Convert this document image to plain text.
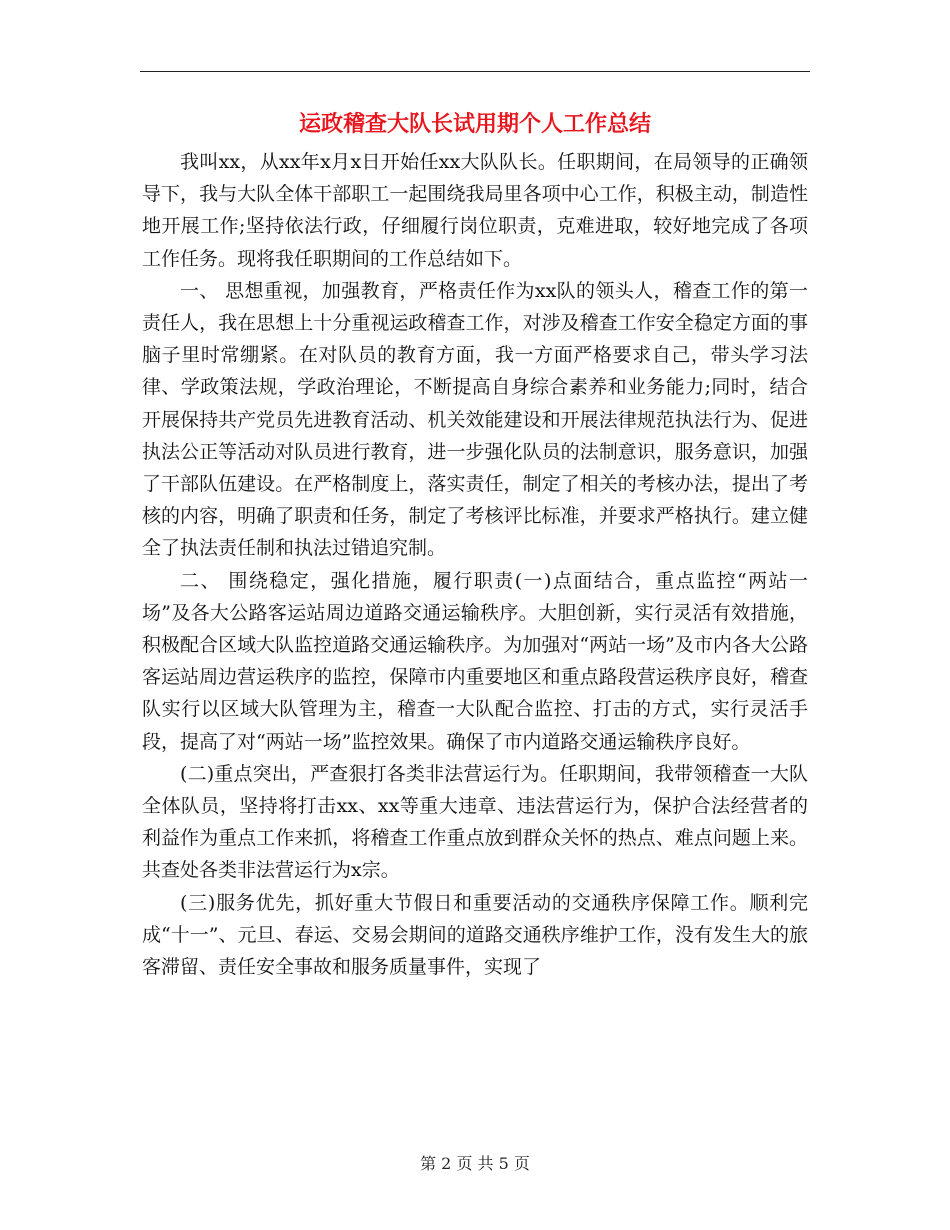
运政稽查大队长试用期个人工作总结

我叫xx，从xx年x月x日开始任xx大队队长。任职期间，在局领导的正确领导下，我与大队全体干部职工一起围绕我局里各项中心工作，积极主动，制造性地开展工作;坚持依法行政，仔细履行岗位职责，克难进取，较好地完成了各项工作任务。现将我任职期间的工作总结如下。

一、 思想重视，加强教育，严格责任作为xx队的领头人，稽查工作的第一责任人，我在思想上十分重视运政稽查工作，对涉及稽查工作安全稳定方面的事脑子里时常绷紧。在对队员的教育方面，我一方面严格要求自己，带头学习法律、学政策法规，学政治理论，不断提高自身综合素养和业务能力;同时，结合开展保持共产党员先进教育活动、机关效能建设和开展法律规范执法行为、促进执法公正等活动对队员进行教育，进一步强化队员的法制意识，服务意识，加强了干部队伍建设。在严格制度上，落实责任，制定了相关的考核办法，提出了考核的内容，明确了职责和任务，制定了考核评比标准，并要求严格执行。建立健全了执法责任制和执法过错追究制。

二、 围绕稳定，强化措施，履行职责(一)点面结合，重点监控“两站一场”及各大公路客运站周边道路交通运输秩序。大胆创新，实行灵活有效措施，积极配合区域大队监控道路交通运输秩序。为加强对“两站一场”及市内各大公路客运站周边营运秩序的监控，保障市内重要地区和重点路段营运秩序良好，稽查队实行以区域大队管理为主，稽查一大队配合监控、打击的方式，实行灵活手段，提高了对“两站一场”监控效果。确保了市内道路交通运输秩序良好。

(二)重点突出，严查狠打各类非法营运行为。任职期间，我带领稽查一大队全体队员，坚持将打击xx、xx等重大违章、违法营运行为，保护合法经营者的利益作为重点工作来抓，将稽查工作重点放到群众关怀的热点、难点问题上来。共查处各类非法营运行为x宗。

(三)服务优先，抓好重大节假日和重要活动的交通秩序保障工作。顺利完成“十一”、元旦、春运、交易会期间的道路交通秩序维护工作，没有发生大的旅客滞留、责任安全事故和服务质量事件，实现了

第 2 页 共 5 页
